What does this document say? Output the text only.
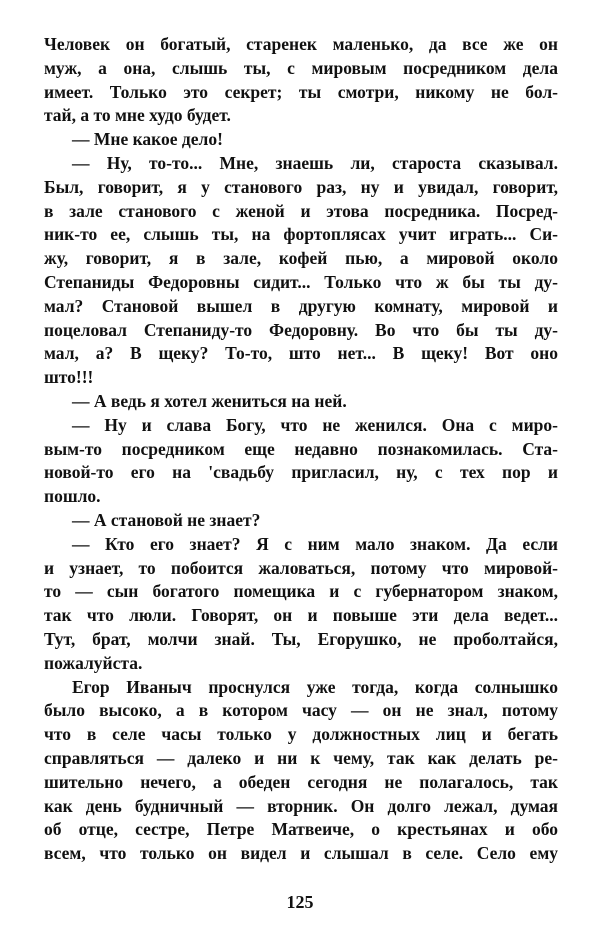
Человек он богатый, старенек маленько, да все же он
муж, а она, слышь ты, с мировым посредником дела
имеет. Только это секрет; ты смотри, никому не бол-
тай, а то мне худо будет.
— Мне какое дело!
— Ну, то-то... Мне, знаешь ли, староста сказывал.
Был, говорит, я у станового раз, ну и увидал, говорит,
в зале станового с женой и этова посредника. Посред-
ник-то ее, слышь ты, на фортоплясах учит играть... Си-
жу, говорит, я в зале, кофей пью, а мировой около
Степаниды Федоровны сидит... Только что ж бы ты ду-
мал? Становой вышел в другую комнату, мировой и
поцеловал Степаниду-то Федоровну. Во что бы ты ду-
мал, а? В щеку? То-то, што нет... В щеку! Вот оно
што!!!
— А ведь я хотел жениться на ней.
— Ну и слава Богу, что не женился. Она с миро-
вым-то посредником еще недавно познакомилась. Ста-
новой-то его на 'свадьбу пригласил, ну, с тех пор и
пошло.
— А становой не знает?
— Кто его знает? Я с ним мало знаком. Да если
и узнает, то побоится жаловаться, потому что мировой-
то — сын богатого помещика и с губернатором знаком,
так что люли. Говорят, он и повыше эти дела ведет...
Тут, брат, молчи знай. Ты, Егорушко, не проболтайся,
пожалуйста.
Егор Иваныч проснулся уже тогда, когда солнышко
было высоко, а в котором часу — он не знал, потому
что в селе часы только у должностных лиц и бегать
справляться — далеко и ни к чему, так как делать ре-
шительно нечего, а обеден сегодня не полагалось, так
как день будничный — вторник. Он долго лежал, думая
об отце, сестре, Петре Матвеиче, о крестьянах и обо
всем, что только он видел и слышал в селе. Село ему
125
